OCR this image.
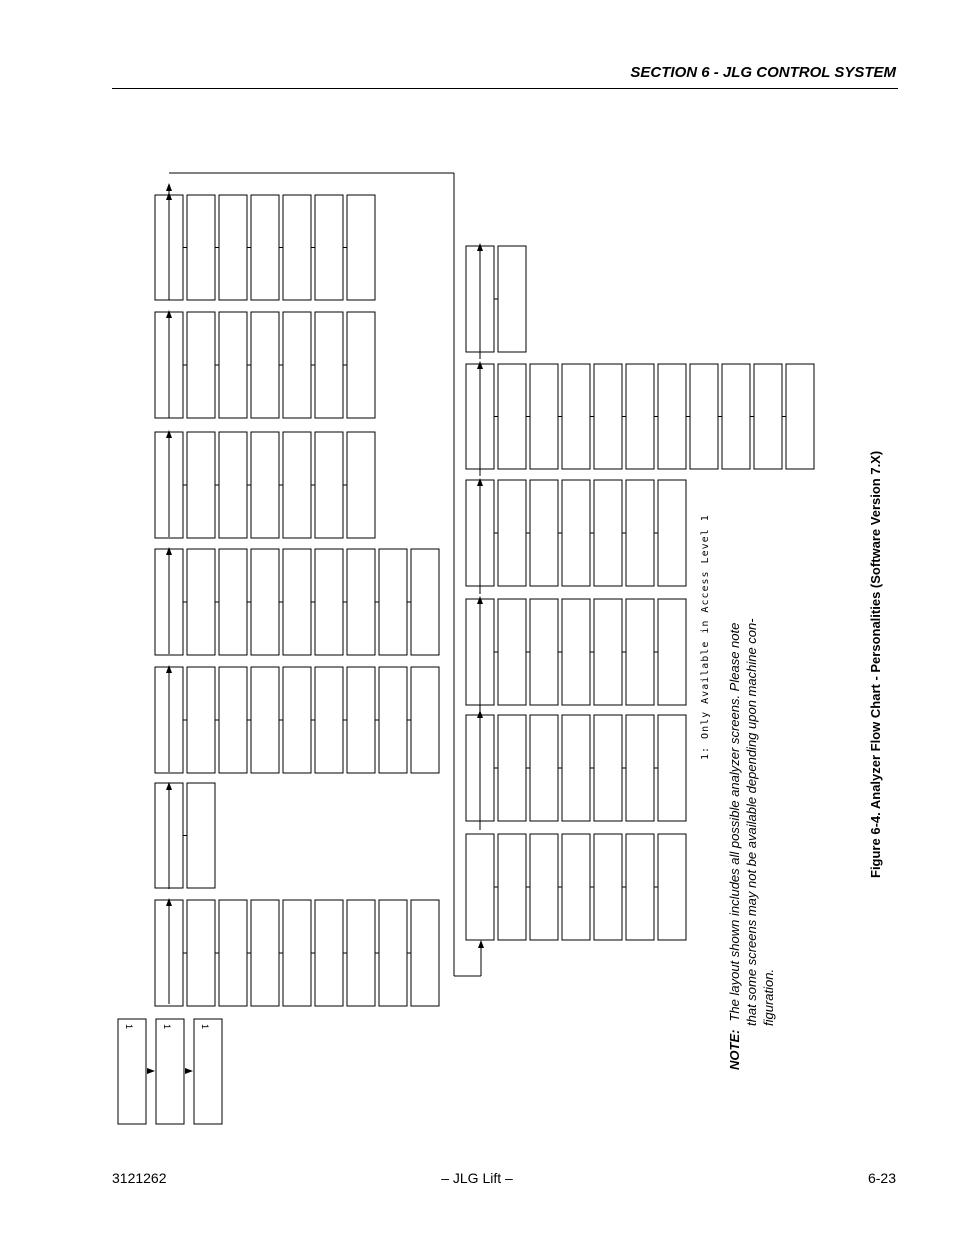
SECTION 6 - JLG CONTROL SYSTEM
1	1	1
Figure 6-4. Analyzer Flow Chart - Personalities (Software Version 7.X)
1: Only Available in Access Level 1
NOTE:The layout shown includes all possible analyzer screens. Please note that some screens may not be available depending upon machine con- figuration.
3121262	– JLG Lift –	6-23
